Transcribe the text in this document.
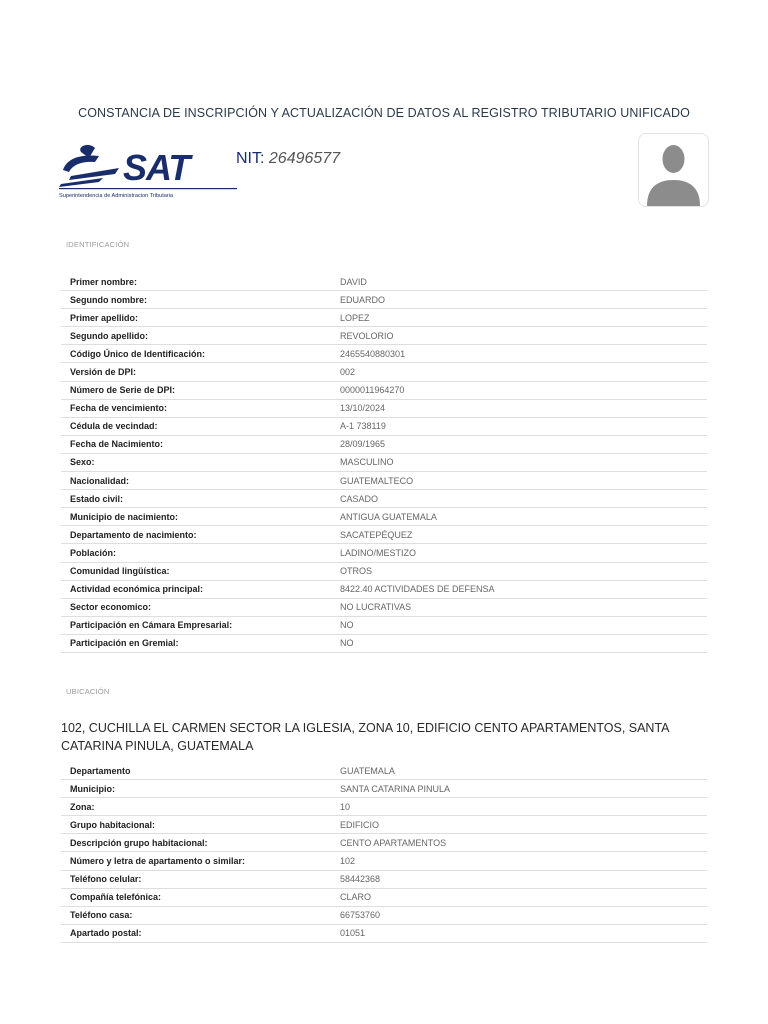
CONSTANCIA DE INSCRIPCIÓN Y ACTUALIZACIÓN DE DATOS AL REGISTRO TRIBUTARIO UNIFICADO
SAT
Superintendencia de Administracion Tributaria
NIT: 26496577
IDENTIFICACIÓN
Primer nombre:	DAVID
Segundo nombre:	EDUARDO
Primer apellido:	LOPEZ
Segundo apellido:	REVOLORIO
Código Único de Identificación:	2465540880301
Versión de DPI:	002
Número de Serie de DPI:	0000011964270
Fecha de vencimiento:	13/10/2024
Cédula de vecindad:	A-1 738119
Fecha de Nacimiento:	28/09/1965
Sexo:	MASCULINO
Nacionalidad:	GUATEMALTECO
Estado civil:	CASADO
Municipio de nacimiento:	ANTIGUA GUATEMALA
Departamento de nacimiento:	SACATEPÉQUEZ
Población:	LADINO/MESTIZO
Comunidad lingüística:	OTROS
Actividad económica principal:	8422.40 ACTIVIDADES DE DEFENSA
Sector economico:	NO LUCRATIVAS
Participación en Cámara Empresarial:	NO
Participación en Gremial:	NO
UBICACIÓN
102, CUCHILLA EL CARMEN SECTOR LA IGLESIA, ZONA 10, EDIFICIO CENTO APARTAMENTOS, SANTA CATARINA PINULA, GUATEMALA
Departamento	GUATEMALA
Municipio:	SANTA CATARINA PINULA
Zona:	10
Grupo habitacional:	EDIFICIO
Descripción grupo habitacional:	CENTO APARTAMENTOS
Número y letra de apartamento o similar:	102
Teléfono celular:	58442368
Compañía telefónica:	CLARO
Teléfono casa:	66753760
Apartado postal:	01051
